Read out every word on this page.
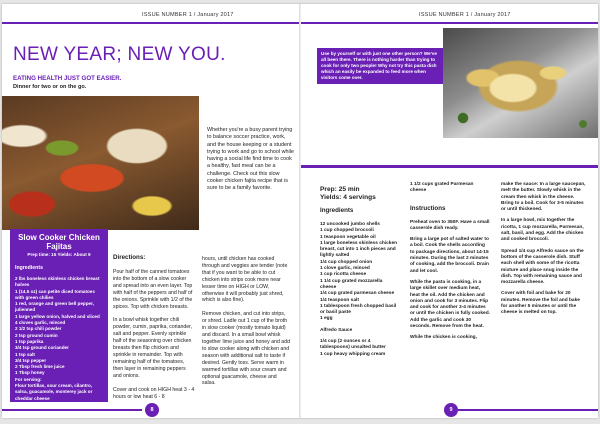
ISSUE NUMBER 1 / January 2017
NEW YEAR; NEW YOU.
EATING HEALTH JUST GOT EASIER.
Dinner for two or on the go.
Whether you're a busy parent trying to balance soccer practice, work, and the house keeping or a student trying to work and go to school while having a social life find time to cook a healthy, fast meal can be a challenge. Check out this slow cooker chicken fajita recipe that is sure to be a family favorite.
Slow Cooker Chicken Fajitas
Prep time: 15 Yields: About 9
Ingredients
2 lbs boneless skinless chicken breast halves
1 (14.5 oz) can petite diced tomatoes with green chilies
1 red, orange and green bell pepper, julienned
1 large yellow onion, halved and sliced
4 cloves garlic, minced
2 1/2 tsp chili powder
2 tsp ground cumin
1 tsp paprika
3/4 tsp ground coriander
1 tsp salt
3/4 tsp pepper
2 Tbsp fresh lime juice
1 Tbsp honey
For serving:
Flour tortillas, sour cream, cilantro, salsa, guacamole, monterey jack or cheddar cheese
Directions:

Pour half of the canned tomatoes into the bottom of a slow cooker and spread into an even layer. Top with half of the peppers and half of the onions. Sprinkle with 1/2 of the spices. Top with chicken breasts.

In a bowl whisk together chili powder, cumin, paprika, coriander, salt and pepper. Evenly sprinkle half of the seasoning over chicken breasts then flip chicken and sprinkle in remainder. Top with remaining half of the tomatoes, then layer in remaining peppers and onions.

Cover and cook on HIGH heat 3 - 4 hours or low heat 6 - 8

hours, until chicken has cooked through and veggies are tender (note that if you want to be able to cut chicken into strips cook more near lesser time on HIGH or LOW, otherwise it will probably just shred, which is also fine).

Remove chicken, and cut into strips, or shred. Ladle out 1 cup of the broth in slow cooker (mostly tomato liquid) and discard. In a small bowl whisk together lime juice and honey and add to slow cooker along with chicken and season with additional salt to taste if desired. Gently toss. Serve warm in warmed tortillas with sour cream and optional guacamole, cheese and salsa.

8
ISSUE NUMBER 1 / January 2017
Use by yourself or with just one other person? We've all been there. There is nothing harder than trying to cook for only two people! Why not try this pasta dish which an easily be expanded to feed more when visitors come over.
Prep: 25 min
Yields: 4 servings
Ingredients
12 uncooked jumbo shells
1 cup chopped broccoli
1 teaspoon vegetable oil
1 large boneless skinless chicken breast, cut into 1 inch pieces and lightly salted
1/4 cup chopped onion
1 clove garlic, minced
1 cup ricotta cheese
1 1/4 cup grated mozzarella cheese
1/4 cup grated parmesan cheese
1/4 teaspoon salt
1 tablespoon fresh chopped basil or basil paste
1 egg
Alfredo Sauce
1/4 cup (2 ounces or 4 tablespoons) unsalted butter
1 cup heavy whipping cream
1 1/2 cups grated Parmesan cheese
Instructions
Preheat oven to 350F. Have a small casserole dish ready.
Bring a large pot of salted water to a boil. Cook the shells according to package directions, about 14-15 minutes. During the last 2 minutes of cooking, add the broccoli. Drain and let cool.
While the pasta is cooking, in a large skillet over medium heat, heat the oil. Add the chicken and onion and cook for 3 minutes. Flip and cook for another 3-4 minutes or until the chicken is fully cooked. Add the garlic and cook 30 seconds. Remove from the heat.
While the chicken is cooking,
make the sauce: In a large saucepan, melt the butter. Slowly whisk in the cream then whisk in the cheese. Bring to a boil. Cook for 3-5 minutes or until thickened.
In a large bowl, mix together the ricotta, 1 cup mozzarella, Parmesan, salt, basil, and egg. Add the chicken and cooked broccoli.
Spread 1/4 cup Alfredo sauce on the bottom of the casserole dish. Stuff each shell with some of the ricotta mixture and place snug inside the dish. Top with remaining sauce and mozzarella cheese.
Cover with foil and bake for 20 minutes. Remove the foil and bake for another 5 minutes or until the cheese is melted on top.
9
